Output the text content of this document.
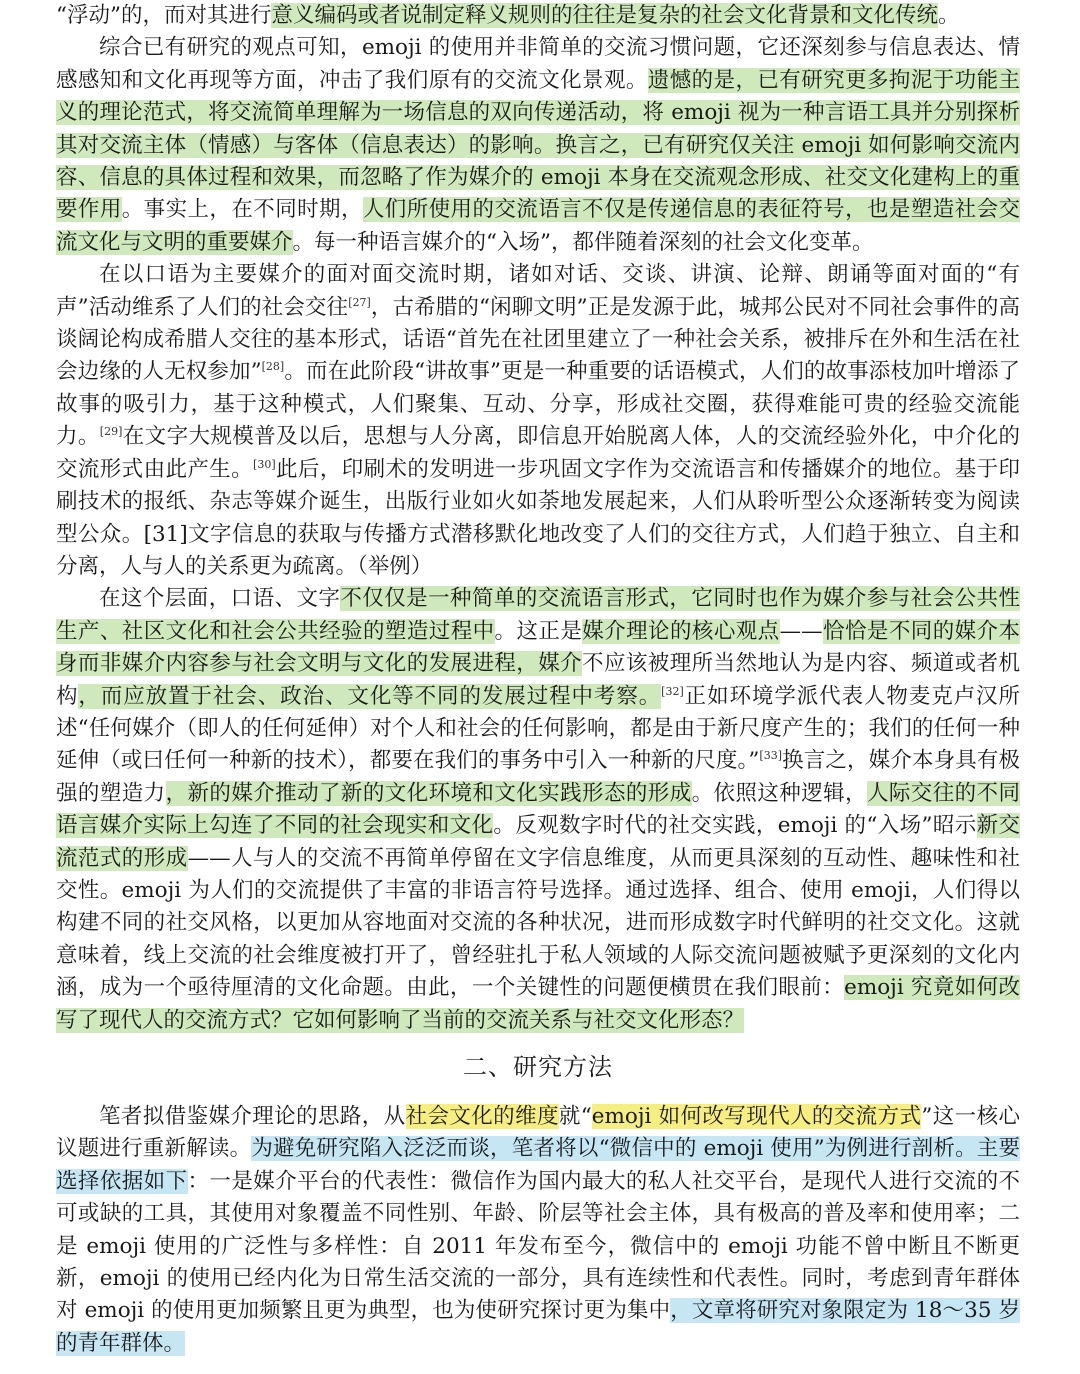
“浮动”的，而对其进行意义编码或者说制定释义规则的往往是复杂的社会文化背景和文化传统。

综合已有研究的观点可知，emoji 的使用并非简单的交流习惯问题，它还深刻参与信息表达、情感感知和文化再现等方面，冲击了我们原有的交流文化景观。遗憾的是，已有研究更多拘泥于功能主义的理论范式，将交流简单理解为一场信息的双向传递活动，将 emoji 视为一种言语工具并分别探析其对交流主体（情感）与客体（信息表达）的影响。换言之，已有研究仅关注 emoji 如何影响交流内容、信息的具体过程和效果，而忽略了作为媒介的 emoji 本身在交流观念形成、社交文化建构上的重要作用。事实上，在不同时期，人们所使用的交流语言不仅是传递信息的表征符号，也是塑造社会交流文化与文明的重要媒介。每一种语言媒介的“入场”，都伴随着深刻的社会文化变革。

在以口语为主要媒介的面对面交流时期，诸如对话、交谈、讲演、论辩、朗诵等面对面的“有声”活动维系了人们的社会交往[27]，古希腊的“闲聊文明”正是发源于此，城邦公民对不同社会事件的高谈阔论构成希腊人交往的基本形式，话语“首先在社团里建立了一种社会关系，被排斥在外和生活在社会边缘的人无权参加”[28]。而在此阶段“讲故事”更是一种重要的话语模式，人们的故事添枝加叶增添了故事的吸引力，基于这种模式，人们聚集、互动、分享，形成社交圈，获得难能可贵的经验交流能力。[29]在文字大规模普及以后，思想与人分离，即信息开始脱离人体，人的交流经验外化，中介化的交流形式由此产生。[30]此后，印刷术的发明进一步巩固文字作为交流语言和传播媒介的地位。基于印刷技术的报纸、杂志等媒介诞生，出版行业如火如荼地发展起来，人们从聆听型公众逐渐转变为阅读型公众。[31]文字信息的获取与传播方式潜移默化地改变了人们的交往方式，人们趋于独立、自主和分离，人与人的关系更为疏离。（举例）

在这个层面，口语、文字不仅仅是一种简单的交流语言形式，它同时也作为媒介参与社会公共性生产、社区文化和社会公共经验的塑造过程中。这正是媒介理论的核心观点——恰恰是不同的媒介本身而非媒介内容参与社会文明与文化的发展进程，媒介不应该被理所当然地认为是内容、频道或者机构，而应放置于社会、政治、文化等不同的发展过程中考察。[32]正如环境学派代表人物麦克卢汉所述“任何媒介（即人的任何延伸）对个人和社会的任何影响，都是由于新尺度产生的；我们的任何一种延伸（或曰任何一种新的技术），都要在我们的事务中引入一种新的尺度。”[33]换言之，媒介本身具有极强的塑造力，新的媒介推动了新的文化环境和文化实践形态的形成。依照这种逻辑，人际交往的不同语言媒介实际上勾连了不同的社会现实和文化。反观数字时代的社交实践，emoji 的“入场”昭示新交流范式的形成——人与人的交流不再简单停留在文字信息维度，从而更具深刻的互动性、趣味性和社交性。emoji 为人们的交流提供了丰富的非语言符号选择。通过选择、组合、使用 emoji，人们得以构建不同的社交风格，以更加从容地面对交流的各种状况，进而形成数字时代鲜明的社交文化。这就意味着，线上交流的社会维度被打开了，曾经驻扎于私人领域的人际交流问题被赋予更深刻的文化内涵，成为一个亟待厘清的文化命题。由此，一个关键性的问题便横贯在我们眼前：emoji 究竟如何改写了现代人的交流方式？它如何影响了当前的交流关系与社交文化形态？

二、研究方法

笔者拟借鉴媒介理论的思路，从社会文化的维度就“emoji 如何改写现代人的交流方式”这一核心议题进行重新解读。为避免研究陷入泛泛而谈，笔者将以“微信中的 emoji 使用”为例进行剖析。主要选择依据如下：一是媒介平台的代表性：微信作为国内最大的私人社交平台，是现代人进行交流的不可或缺的工具，其使用对象覆盖不同性别、年龄、阶层等社会主体，具有极高的普及率和使用率；二是 emoji 使用的广泛性与多样性：自 2011 年发布至今，微信中的 emoji 功能不曾中断且不断更新，emoji 的使用已经内化为日常生活交流的一部分，具有连续性和代表性。同时，考虑到青年群体对 emoji 的使用更加频繁且更为典型，也为使研究探讨更为集中，文章将研究对象限定为 18～35 岁的青年群体。
